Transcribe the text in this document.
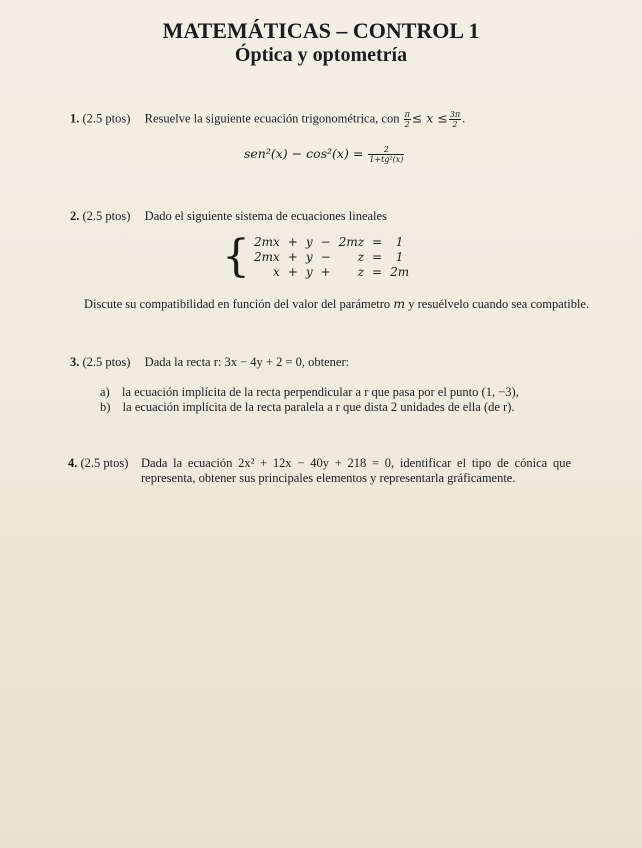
MATEMÁTICAS – CONTROL 1
Óptica y optometría
1. (2.5 ptos) Resuelve la siguiente ecuación trigonométrica, con $\frac{\pi}{2} \le x \le \frac{3\pi}{2}$ .
$sen^2(x) - \cos^2(x) = \frac{2}{\text{1+tg²(x)}}$
2. (2.5 ptos) Dado el siguiente sistema de ecuaciones lineales
{ 2mx	+	y	−	2mz	=	1
2mx	+	y	−	z	=	1
x	+	y	+	z	=	2m
Discute su compatibilidad en función del valor del parámetro m y resuélvelo cuando sea compatible.
3. (2.5 ptos) Dada la recta r: 3x − 4y + 2 = 0, obtener:
a) la ecuación implícita de la recta perpendicular a r que pasa por el punto (1, −3),
b) la ecuación implícita de la recta paralela a r que dista 2 unidades de ella (de r).
4. (2.5 ptos) Dada la ecuación 2x² + 12x − 40y + 218 = 0, identificar el tipo de cónica que representa, obtener sus principales elementos y representarla gráficamente.
